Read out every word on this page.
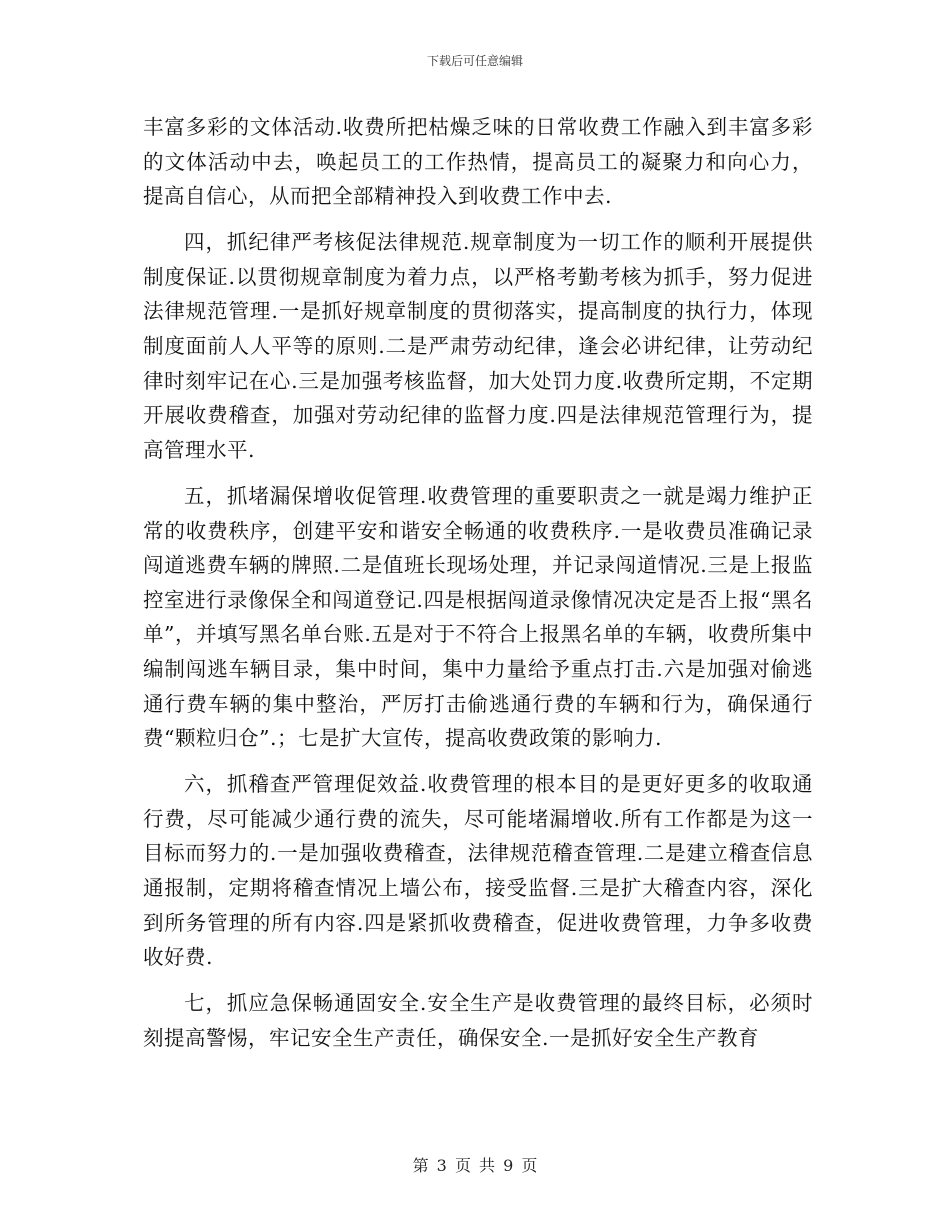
下载后可任意编辑

丰富多彩的文体活动.收费所把枯燥乏味的日常收费工作融入到丰富多彩的文体活动中去，唤起员工的工作热情，提高员工的凝聚力和向心力，提高自信心，从而把全部精神投入到收费工作中去.

四，抓纪律严考核促法律规范.规章制度为一切工作的顺利开展提供制度保证.以贯彻规章制度为着力点，以严格考勤考核为抓手，努力促进法律规范管理.一是抓好规章制度的贯彻落实，提高制度的执行力，体现制度面前人人平等的原则.二是严肃劳动纪律，逢会必讲纪律，让劳动纪律时刻牢记在心.三是加强考核监督，加大处罚力度.收费所定期，不定期开展收费稽查，加强对劳动纪律的监督力度.四是法律规范管理行为，提高管理水平.

五，抓堵漏保增收促管理.收费管理的重要职责之一就是竭力维护正常的收费秩序，创建平安和谐安全畅通的收费秩序.一是收费员准确记录闯道逃费车辆的牌照.二是值班长现场处理，并记录闯道情况.三是上报监控室进行录像保全和闯道登记.四是根据闯道录像情况决定是否上报“黑名单”，并填写黑名单台账.五是对于不符合上报黑名单的车辆，收费所集中编制闯逃车辆目录，集中时间，集中力量给予重点打击.六是加强对偷逃通行费车辆的集中整治，严厉打击偷逃通行费的车辆和行为，确保通行费“颗粒归仓”.；七是扩大宣传，提高收费政策的影响力.

六，抓稽查严管理促效益.收费管理的根本目的是更好更多的收取通行费，尽可能减少通行费的流失，尽可能堵漏增收.所有工作都是为这一目标而努力的.一是加强收费稽查，法律规范稽查管理.二是建立稽查信息通报制，定期将稽查情况上墙公布，接受监督.三是扩大稽查内容，深化到所务管理的所有内容.四是紧抓收费稽查，促进收费管理，力争多收费收好费.

七，抓应急保畅通固安全.安全生产是收费管理的最终目标，必须时刻提高警惕，牢记安全生产责任，确保安全.一是抓好安全生产教育

第 3 页 共 9 页
